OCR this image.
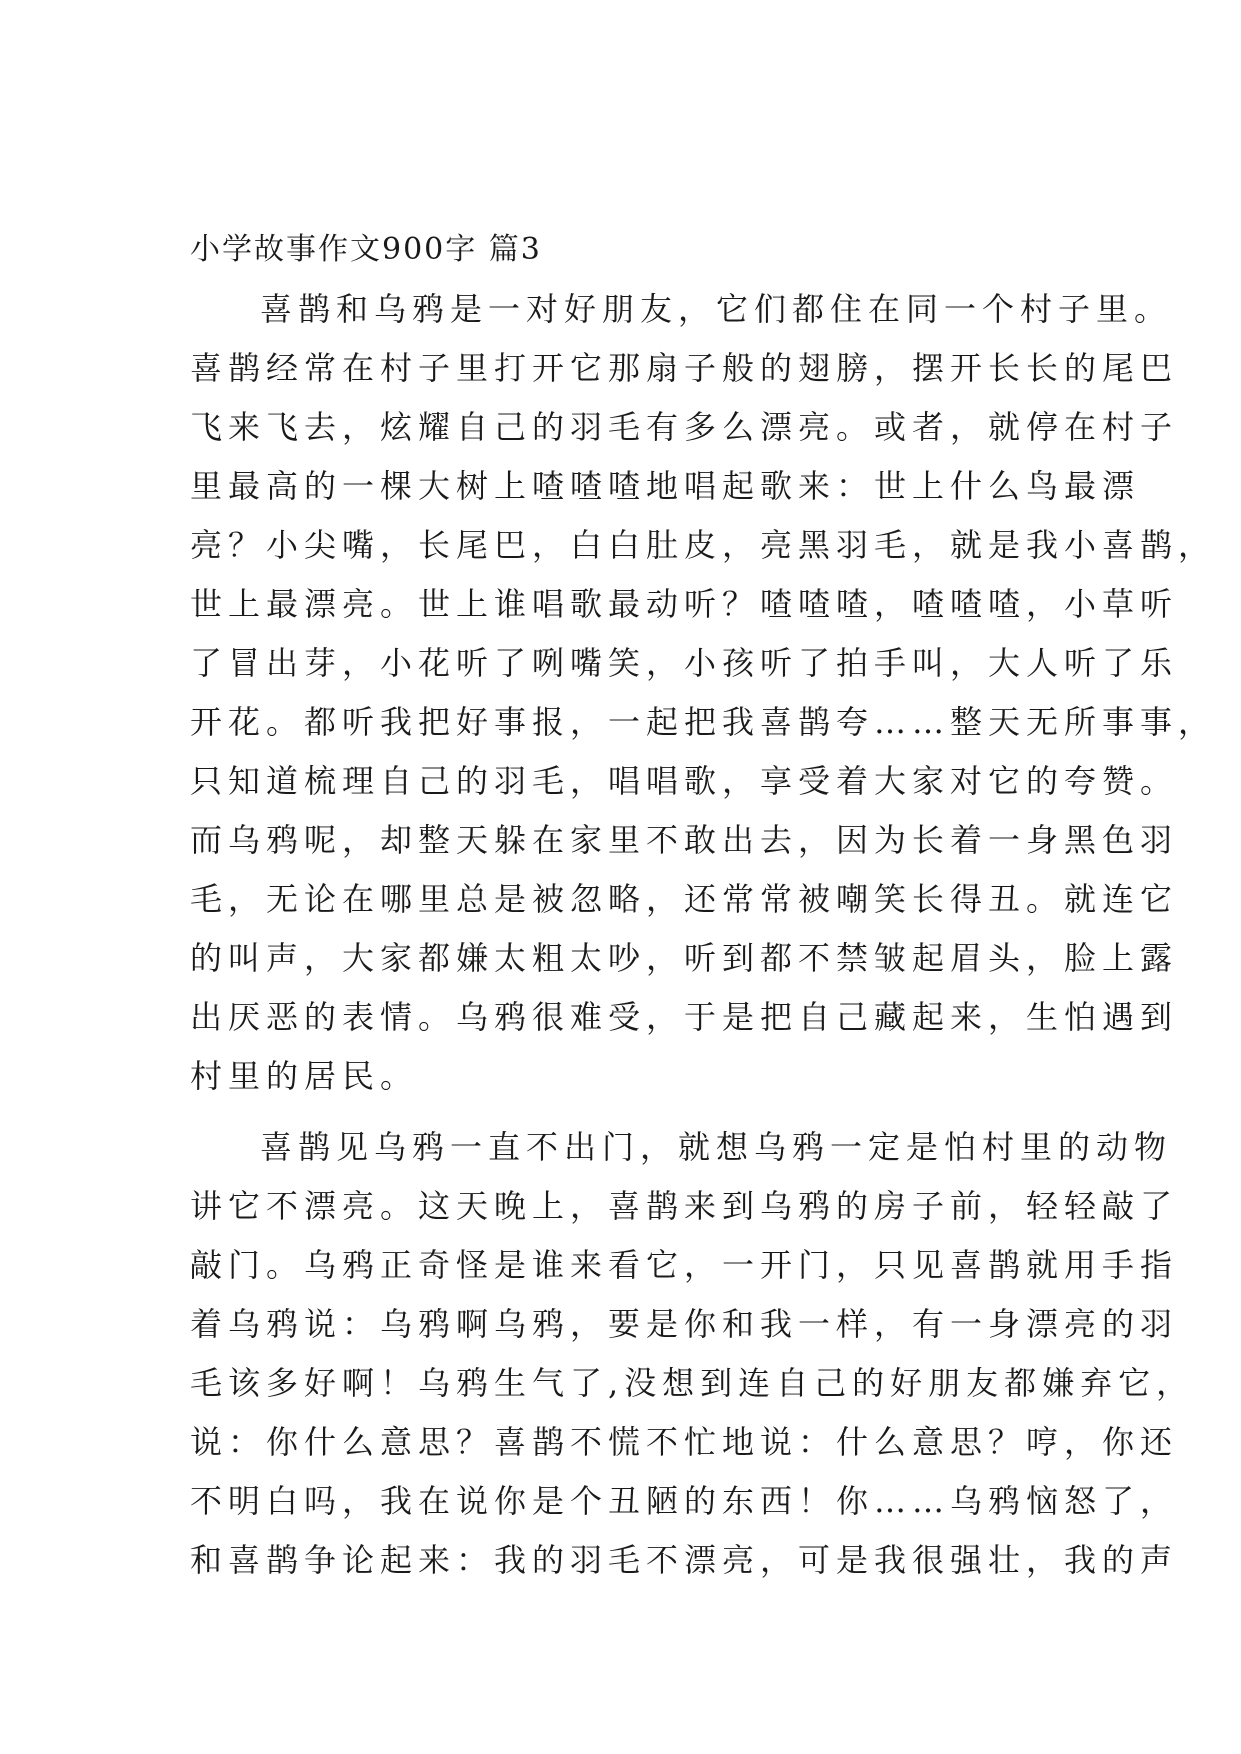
小学故事作文900字 篇3
喜鹊和乌鸦是一对好朋友，它们都住在同一个村子里。
喜鹊经常在村子里打开它那扇子般的翅膀，摆开长长的尾巴
飞来飞去，炫耀自己的羽毛有多么漂亮。或者，就停在村子
里最高的一棵大树上喳喳喳地唱起歌来：世上什么鸟最漂
亮？小尖嘴，长尾巴，白白肚皮，亮黑羽毛，就是我小喜鹊，
世上最漂亮。世上谁唱歌最动听？喳喳喳，喳喳喳，小草听
了冒出芽，小花听了咧嘴笑，小孩听了拍手叫，大人听了乐
开花。都听我把好事报，一起把我喜鹊夸……整天无所事事，
只知道梳理自己的羽毛，唱唱歌，享受着大家对它的夸赞。
而乌鸦呢，却整天躲在家里不敢出去，因为长着一身黑色羽
毛，无论在哪里总是被忽略，还常常被嘲笑长得丑。就连它
的叫声，大家都嫌太粗太吵，听到都不禁皱起眉头，脸上露
出厌恶的表情。乌鸦很难受，于是把自己藏起来，生怕遇到
村里的居民。
喜鹊见乌鸦一直不出门，就想乌鸦一定是怕村里的动物
讲它不漂亮。这天晚上，喜鹊来到乌鸦的房子前，轻轻敲了
敲门。乌鸦正奇怪是谁来看它，一开门，只见喜鹊就用手指
着乌鸦说：乌鸦啊乌鸦，要是你和我一样，有一身漂亮的羽
毛该多好啊！乌鸦生气了,没想到连自己的好朋友都嫌弃它，
说：你什么意思？喜鹊不慌不忙地说：什么意思？哼，你还
不明白吗，我在说你是个丑陋的东西！你……乌鸦恼怒了，
和喜鹊争论起来：我的羽毛不漂亮，可是我很强壮，我的声
